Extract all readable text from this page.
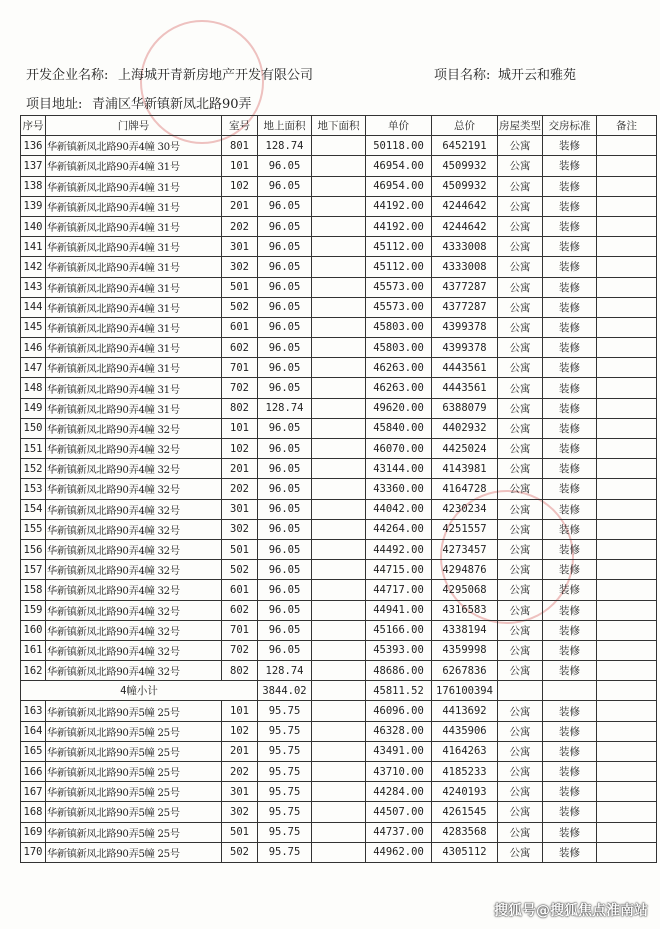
开发企业名称: 上海城开青新房地产开发有限公司	项目名称: 城开云和雅苑
项目地址: 青浦区华新镇新凤北路90弄
序号	门牌号	室号	地上面积	地下面积	单价	总价	房屋类型	交房标准	备注
136	华新镇新凤北路90弄4幢 30号	801	128.74		50118.00	6452191	公寓	装修	
137	华新镇新凤北路90弄4幢 31号	101	96.05		46954.00	4509932	公寓	装修	
138	华新镇新凤北路90弄4幢 31号	102	96.05		46954.00	4509932	公寓	装修	
139	华新镇新凤北路90弄4幢 31号	201	96.05		44192.00	4244642	公寓	装修	
140	华新镇新凤北路90弄4幢 31号	202	96.05		44192.00	4244642	公寓	装修	
141	华新镇新凤北路90弄4幢 31号	301	96.05		45112.00	4333008	公寓	装修	
142	华新镇新凤北路90弄4幢 31号	302	96.05		45112.00	4333008	公寓	装修	
143	华新镇新凤北路90弄4幢 31号	501	96.05		45573.00	4377287	公寓	装修	
144	华新镇新凤北路90弄4幢 31号	502	96.05		45573.00	4377287	公寓	装修	
145	华新镇新凤北路90弄4幢 31号	601	96.05		45803.00	4399378	公寓	装修	
146	华新镇新凤北路90弄4幢 31号	602	96.05		45803.00	4399378	公寓	装修	
147	华新镇新凤北路90弄4幢 31号	701	96.05		46263.00	4443561	公寓	装修	
148	华新镇新凤北路90弄4幢 31号	702	96.05		46263.00	4443561	公寓	装修	
149	华新镇新凤北路90弄4幢 31号	802	128.74		49620.00	6388079	公寓	装修	
150	华新镇新凤北路90弄4幢 32号	101	96.05		45840.00	4402932	公寓	装修	
151	华新镇新凤北路90弄4幢 32号	102	96.05		46070.00	4425024	公寓	装修	
152	华新镇新凤北路90弄4幢 32号	201	96.05		43144.00	4143981	公寓	装修	
153	华新镇新凤北路90弄4幢 32号	202	96.05		43360.00	4164728	公寓	装修	
154	华新镇新凤北路90弄4幢 32号	301	96.05		44042.00	4230234	公寓	装修	
155	华新镇新凤北路90弄4幢 32号	302	96.05		44264.00	4251557	公寓	装修	
156	华新镇新凤北路90弄4幢 32号	501	96.05		44492.00	4273457	公寓	装修	
157	华新镇新凤北路90弄4幢 32号	502	96.05		44715.00	4294876	公寓	装修	
158	华新镇新凤北路90弄4幢 32号	601	96.05		44717.00	4295068	公寓	装修	
159	华新镇新凤北路90弄4幢 32号	602	96.05		44941.00	4316583	公寓	装修	
160	华新镇新凤北路90弄4幢 32号	701	96.05		45166.00	4338194	公寓	装修	
161	华新镇新凤北路90弄4幢 32号	702	96.05		45393.00	4359998	公寓	装修	
162	华新镇新凤北路90弄4幢 32号	802	128.74		48686.00	6267836	公寓	装修	
4幢小计			3844.02		45811.52	176100394			
163	华新镇新凤北路90弄5幢 25号	101	95.75		46096.00	4413692	公寓	装修	
164	华新镇新凤北路90弄5幢 25号	102	95.75		46328.00	4435906	公寓	装修	
165	华新镇新凤北路90弄5幢 25号	201	95.75		43491.00	4164263	公寓	装修	
166	华新镇新凤北路90弄5幢 25号	202	95.75		43710.00	4185233	公寓	装修	
167	华新镇新凤北路90弄5幢 25号	301	95.75		44284.00	4240193	公寓	装修	
168	华新镇新凤北路90弄5幢 25号	302	95.75		44507.00	4261545	公寓	装修	
169	华新镇新凤北路90弄5幢 25号	501	95.75		44737.00	4283568	公寓	装修	
170	华新镇新凤北路90弄5幢 25号	502	95.75		44962.00	4305112	公寓	装修	
搜狐号@搜狐焦点淮南站
